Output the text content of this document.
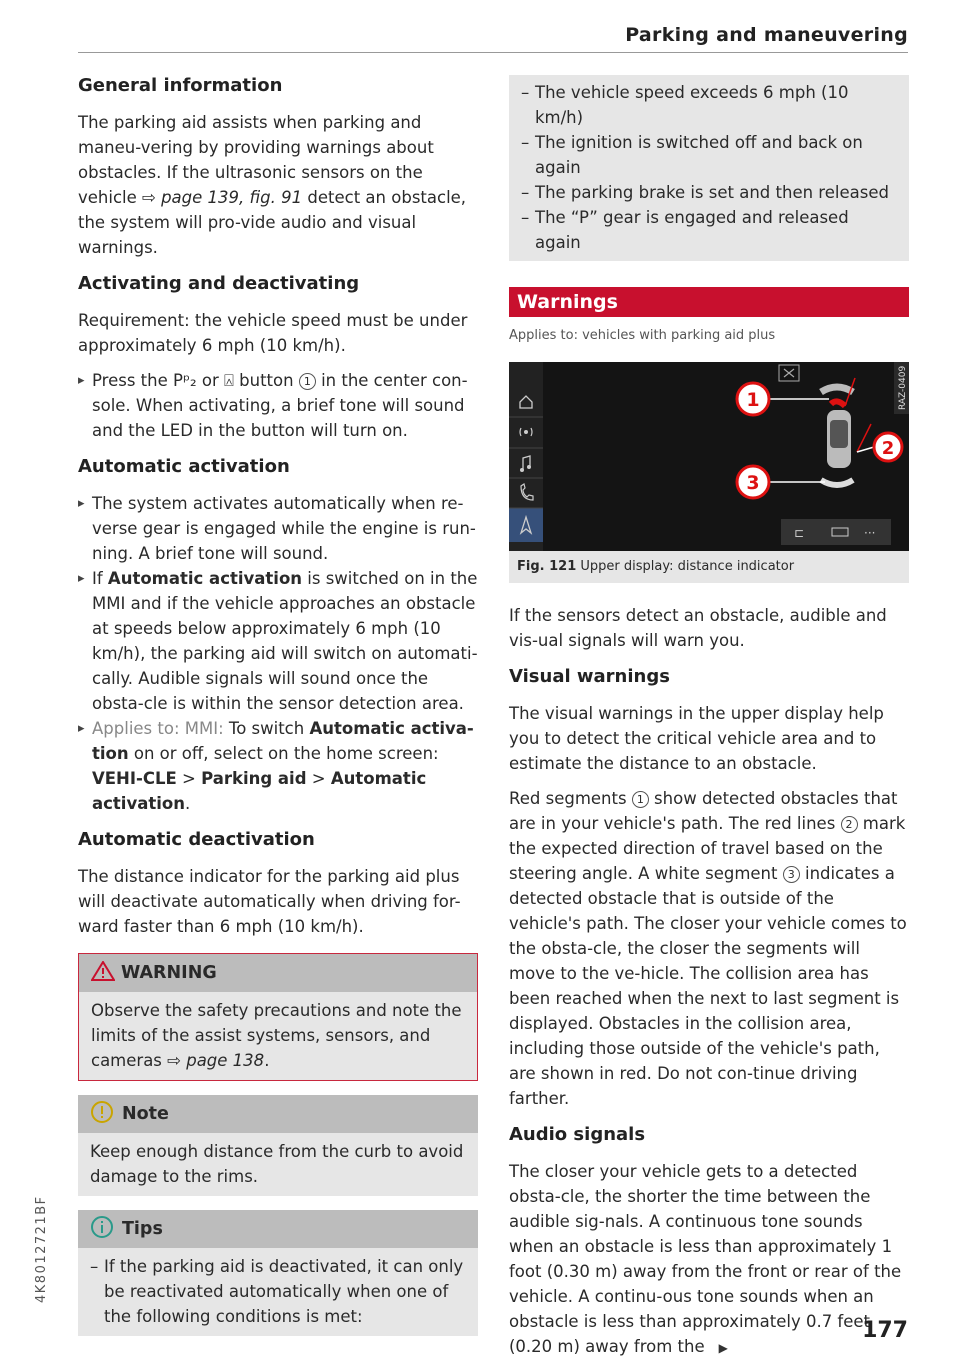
Parking and maneuvering
General information

The parking aid assists when parking and maneu-vering by providing warnings about obstacles. If the ultrasonic sensors on the vehicle ⇨ page 139, fig. 91 detect an obstacle, the system will pro-vide audio and visual warnings.

Activating and deactivating

Requirement: the vehicle speed must be under approximately 6 mph (10 km/h).

▸ Press the Pᵖ₂ or ⍓ button 1 in the center con-sole. When activating, a brief tone will sound and the LED in the button will turn on.
Automatic activation
▸ The system activates automatically when re-verse gear is engaged while the engine is run-ning. A brief tone will sound.
▸ If Automatic activation is switched on in the MMI and if the vehicle approaches an obstacle at speeds below approximately 6 mph (10 km/h), the parking aid will switch on automati-cally. Audible signals will sound once the obsta-cle is within the sensor detection area.
▸ Applies to: MMI: To switch Automatic activa-tion on or off, select on the home screen: VEHI-CLE > Parking aid > Automatic activation.
Automatic deactivation

The distance indicator for the parking aid plus will deactivate automatically when driving for-ward faster than 6 mph (10 km/h).

WARNING
Observe the safety precautions and note the limits of the assist systems, sensors, and cameras ⇨ page 138.
Note
Keep enough distance from the curb to avoid damage to the rims.
Tips
– If the parking aid is deactivated, it can only be reactivated automatically when one of the following conditions is met:
– The vehicle speed exceeds 6 mph (10 km/h)
– The ignition is switched off and back on again
– The parking brake is set and then released
– The “P” gear is engaged and released again
Warnings
Applies to: vehicles with parking aid plus
RAZ-0409
⊏	···
1
2
3
Fig. 121 Upper display: distance indicator

If the sensors detect an obstacle, audible and vis-ual signals will warn you.

Visual warnings

The visual warnings in the upper display help you to detect the critical vehicle area and to estimate the distance to an obstacle.

Red segments 1 show detected obstacles that are in your vehicle's path. The red lines 2 mark the expected direction of travel based on the steering angle. A white segment 3 indicates a detected obstacle that is outside of the vehicle's path. The closer your vehicle comes to the obsta-cle, the closer the segments will move to the ve-hicle. The collision area has been reached when the next to last segment is displayed. Obstacles in the collision area, including those outside of the vehicle's path, are shown in red. Do not con-tinue driving farther.

Audio signals

The closer your vehicle gets to a detected obsta-cle, the shorter the time between the audible sig-nals. A continuous tone sounds when an obstacle is less than approximately 1 foot (0.30 m) away from the front or rear of the vehicle. A continu-ous tone sounds when an obstacle is less than approximately 0.7 feet (0.20 m) away from the ▶

177
4K8012721BF
